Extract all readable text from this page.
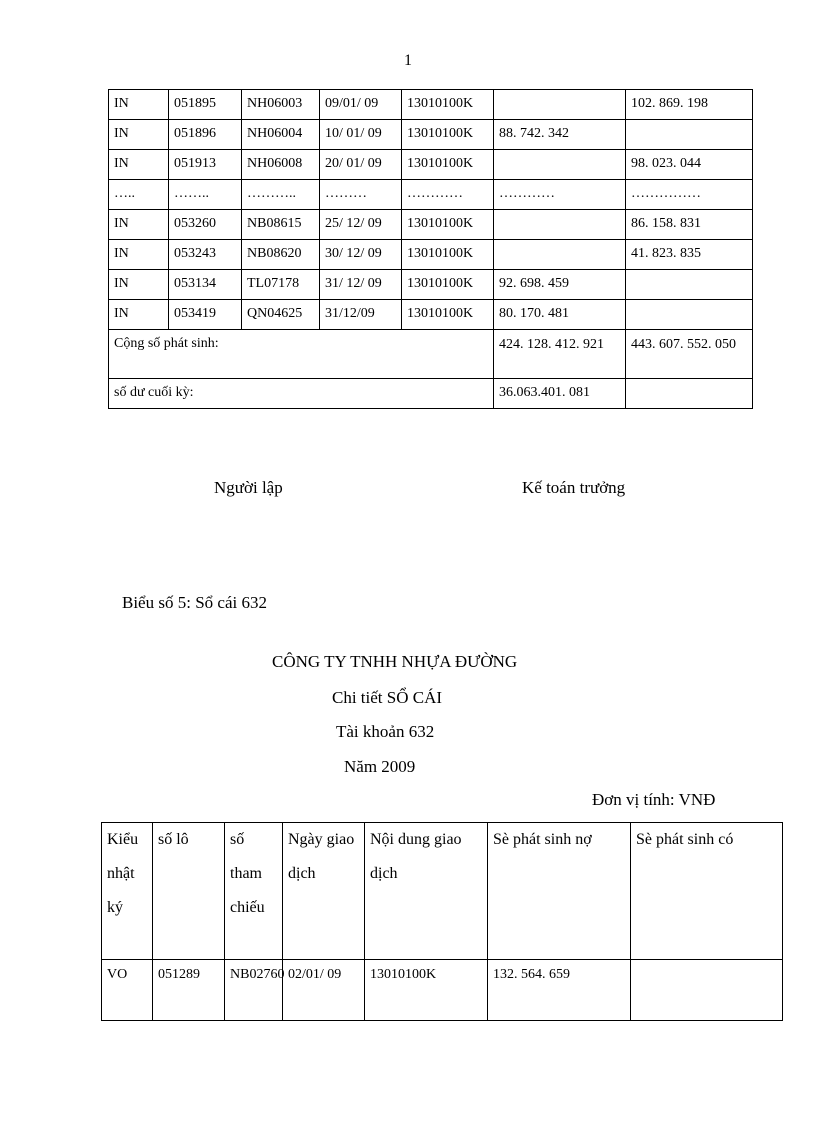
1
IN	051895	NH06003	09/01/ 09	13010100K		102. 869. 198
IN	051896	NH06004	10/ 01/ 09	13010100K	88. 742. 342	
IN	051913	NH06008	20/ 01/ 09	13010100K		98. 023. 044
…..	……..	………..	………	…………	…………	……………
IN	053260	NB08615	25/ 12/ 09	13010100K		86. 158. 831
IN	053243	NB08620	30/ 12/ 09	13010100K		41. 823. 835
IN	053134	TL07178	31/ 12/ 09	13010100K	92. 698. 459	
IN	053419	QN04625	31/12/09	13010100K	80. 170. 481	
Cộng số phát sinh:					424. 128. 412. 921	443. 607. 552. 050
số dư cuối kỳ:					36.063.401. 081	
Người lập	Kế toán trưởng
Biểu số 5: Sổ cái 632
CÔNG TY TNHH NHỰA ĐƯỜNG
Chi tiết SỔ CÁI
Tài khoản 632
Năm 2009
Đơn vị tính: VNĐ
Kiểu nhật ký	số lô	số tham chiếu	Ngày giao dịch	Nội dung giao dịch	Sè phát sinh nợ	Sè phát sinh có
VO	051289	NB02760	02/01/ 09	13010100K	132. 564. 659	
